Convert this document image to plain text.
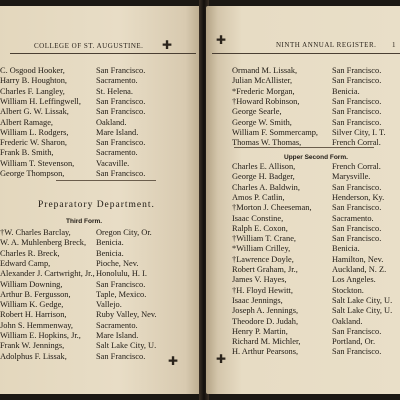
COLLEGE OF ST. AUGUSTINE. ✚
C. Osgood Hooker,	San Francisco.
Harry B. Houghton,	Sacramento.
Charles F. Langley,	St. Helena.
William H. Leffingwell, San Francisco.
Albert G. W. Lissak,	San Francisco.
Albert Ramage,	Oakland.
William L. Rodgers,	Mare Island.
Frederic W. Sharon,	San Francisco.
Frank B. Smith,	Sacramento.
William T. Stevenson,	Vacaville.
George Thompson,	San Francisco.
Preparatory Department.
Third Form.
†W. Charles Barclay,	Oregon City, Or.
W. A. Muhlenberg Breck, Benicia.
Charles R. Breck,	Benicia.
Edward Camp,	Pioche, Nev.
Alexander J. Cartwright, Jr., Honolulu, H. I.
William Downing,	San Francisco.
Arthur B. Fergusson,	Taple, Mexico.
William K. Gedge,	Vallejo.
Robert H. Harrison,	Ruby Valley, Nev.
John S. Hemmenway,	Sacramento.
William E. Hopkins, Jr., Mare Island.
Frank W. Jennings,	Salt Lake City, U.
Adolphus F. Lissak,	San Francisco. ✚
✚	NINTH ANNUAL REGISTER. 1
Ormand M. Lissak,	San Francisco.
Julian McAllister,	San Francisco.
*Frederic Morgan,	Benicia.
†Howard Robinson,	San Francisco.
George Searle,	San Francisco.
George W. Smith,	San Francisco.
William F. Sommercamp, Silver City, I. T.
Thomas W. Thomas,	French Corral.
Upper Second Form.
Charles E. Allison,	French Corral.
George H. Badger,	Marysville.
Charles A. Baldwin,	San Francisco.
Amos P. Catlin,	Henderson, Ky.
†Morton J. Cheeseman, San Francisco.
Isaac Constine,	Sacramento.
Ralph E. Coxon,	San Francisco.
†William T. Crane,	San Francisco.
*William Crilley,	Benicia.
†Lawrence Doyle,	Hamilton, Nev.
Robert Graham, Jr.,	Auckland, N. Z.
James V. Hayes,	Los Angeles.
†H. Floyd Hewitt,	Stockton.
Isaac Jennings,	Salt Lake City, U.
Joseph A. Jennings,	Salt Lake City, U.
Theodore D. Judah,	Oakland.
Henry P. Martin,	San Francisco.
Richard M. Michler,	Portland, Or.
H. Arthur Pearsons,	San Francisco.
✚
